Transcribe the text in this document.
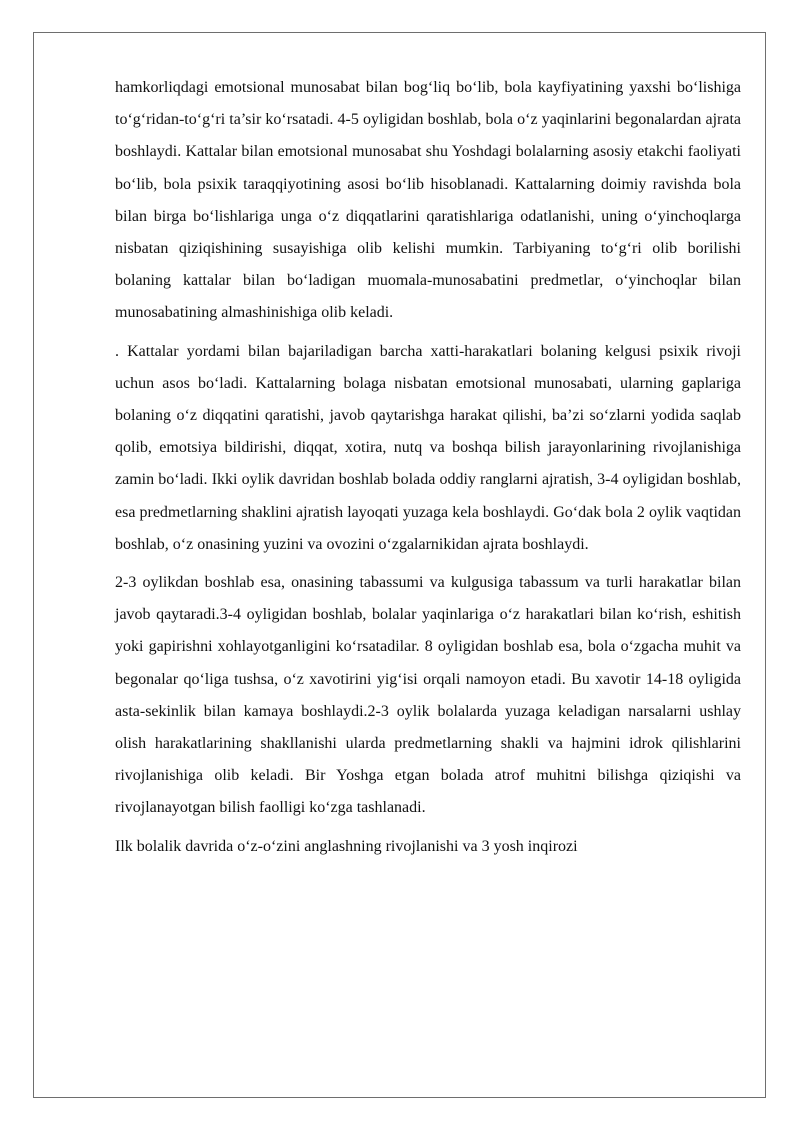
hamkorliqdagi emotsional munosabat bilan bog‘liq bo‘lib, bola kayfiyatining yaxshi bo‘lishiga to‘g‘ridan-to‘g‘ri ta’sir ko‘rsatadi. 4-5 oyligidan boshlab, bola o‘z yaqinlarini begonalardan ajrata boshlaydi. Kattalar bilan emotsional munosabat shu Yoshdagi bolalarning asosiy etakchi faoliyati bo‘lib, bola psixik taraqqiyotining asosi bo‘lib hisoblanadi. Kattalarning doimiy ravishda bola bilan birga bo‘lishlariga unga o‘z diqqatlarini qaratishlariga odatlanishi, uning o‘yinchoqlarga nisbatan qiziqishining susayishiga olib kelishi mumkin. Tarbiyaning to‘g‘ri olib borilishi bolaning kattalar bilan bo‘ladigan muomala-munosabatini predmetlar, o‘yinchoqlar bilan munosabatining almashinishiga olib keladi.

. Kattalar yordami bilan bajariladigan barcha xatti-harakatlari bolaning kelgusi psixik rivoji uchun asos bo‘ladi. Kattalarning bolaga nisbatan emotsional munosabati, ularning gaplariga bolaning o‘z diqqatini qaratishi, javob qaytarishga harakat qilishi, ba’zi so‘zlarni yodida saqlab qolib, emotsiya bildirishi, diqqat, xotira, nutq va boshqa bilish jarayonlarining rivojlanishiga zamin bo‘ladi. Ikki oylik davridan boshlab bolada oddiy ranglarni ajratish, 3-4 oyligidan boshlab, esa predmetlarning shaklini ajratish layoqati yuzaga kela boshlaydi. Go‘dak bola 2 oylik vaqtidan boshlab, o‘z onasining yuzini va ovozini o‘zgalarnikidan ajrata boshlaydi.

2-3 oylikdan boshlab esa, onasining tabassumi va kulgusiga tabassum va turli harakatlar bilan javob qaytaradi.3-4 oyligidan boshlab, bolalar yaqinlariga o‘z harakatlari bilan ko‘rish, eshitish yoki gapirishni xohlayotganligini ko‘rsatadilar. 8 oyligidan boshlab esa, bola o‘zgacha muhit va begonalar qo‘liga tushsa, o‘z xavotirini yig‘isi orqali namoyon etadi. Bu xavotir 14-18 oyligida asta-sekinlik bilan kamaya boshlaydi.2-3 oylik bolalarda yuzaga keladigan narsalarni ushlay olish harakatlarining shakllanishi ularda predmetlarning shakli va hajmini idrok qilishlarini rivojlanishiga olib keladi. Bir Yoshga etgan bolada atrof muhitni bilishga qiziqishi va rivojlanayotgan bilish faolligi ko‘zga tashlanadi.

Ilk bolalik davrida o‘z-o‘zini anglashning rivojlanishi va 3 yosh inqirozi
